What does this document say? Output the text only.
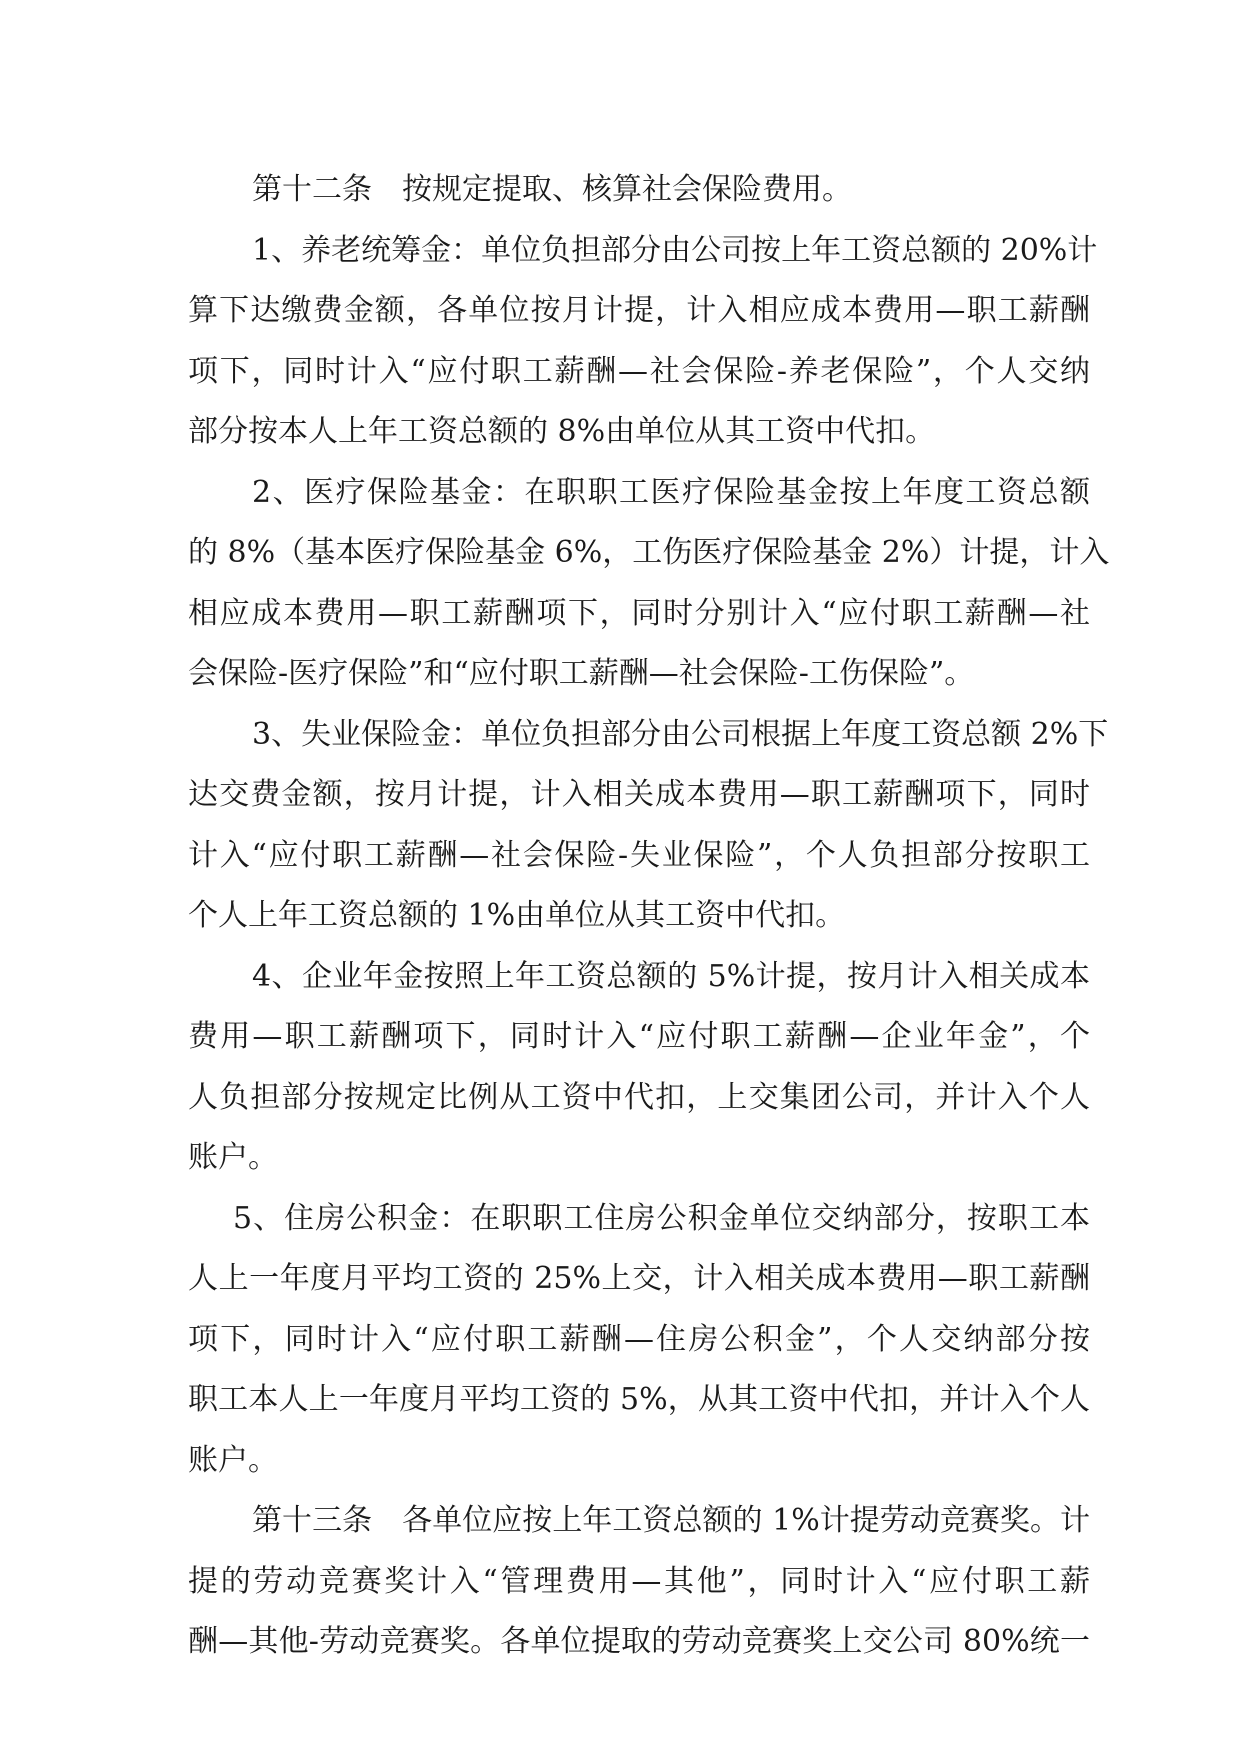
第十二条　按规定提取、核算社会保险费用。
1、养老统筹金：单位负担部分由公司按上年工资总额的 20%计
算下达缴费金额，各单位按月计提，计入相应成本费用—职工薪酬
项下，同时计入“应付职工薪酬—社会保险-养老保险”，个人交纳
部分按本人上年工资总额的 8%由单位从其工资中代扣。
2、医疗保险基金：在职职工医疗保险基金按上年度工资总额
的 8%（基本医疗保险基金 6%，工伤医疗保险基金 2%）计提，计入
相应成本费用—职工薪酬项下，同时分别计入“应付职工薪酬—社
会保险-医疗保险”和“应付职工薪酬—社会保险-工伤保险”。
3、失业保险金：单位负担部分由公司根据上年度工资总额 2%下
达交费金额，按月计提，计入相关成本费用—职工薪酬项下，同时
计入“应付职工薪酬—社会保险-失业保险”，个人负担部分按职工
个人上年工资总额的 1%由单位从其工资中代扣。
4、企业年金按照上年工资总额的 5%计提，按月计入相关成本
费用—职工薪酬项下，同时计入“应付职工薪酬—企业年金”，个
人负担部分按规定比例从工资中代扣，上交集团公司，并计入个人
账户。
5、住房公积金：在职职工住房公积金单位交纳部分，按职工本
人上一年度月平均工资的 25%上交，计入相关成本费用—职工薪酬
项下，同时计入“应付职工薪酬—住房公积金”，个人交纳部分按
职工本人上一年度月平均工资的 5%，从其工资中代扣，并计入个人
账户。
第十三条　各单位应按上年工资总额的 1%计提劳动竞赛奖。计
提的劳动竞赛奖计入“管理费用—其他”，同时计入“应付职工薪
酬—其他-劳动竞赛奖。各单位提取的劳动竞赛奖上交公司 80%统一
